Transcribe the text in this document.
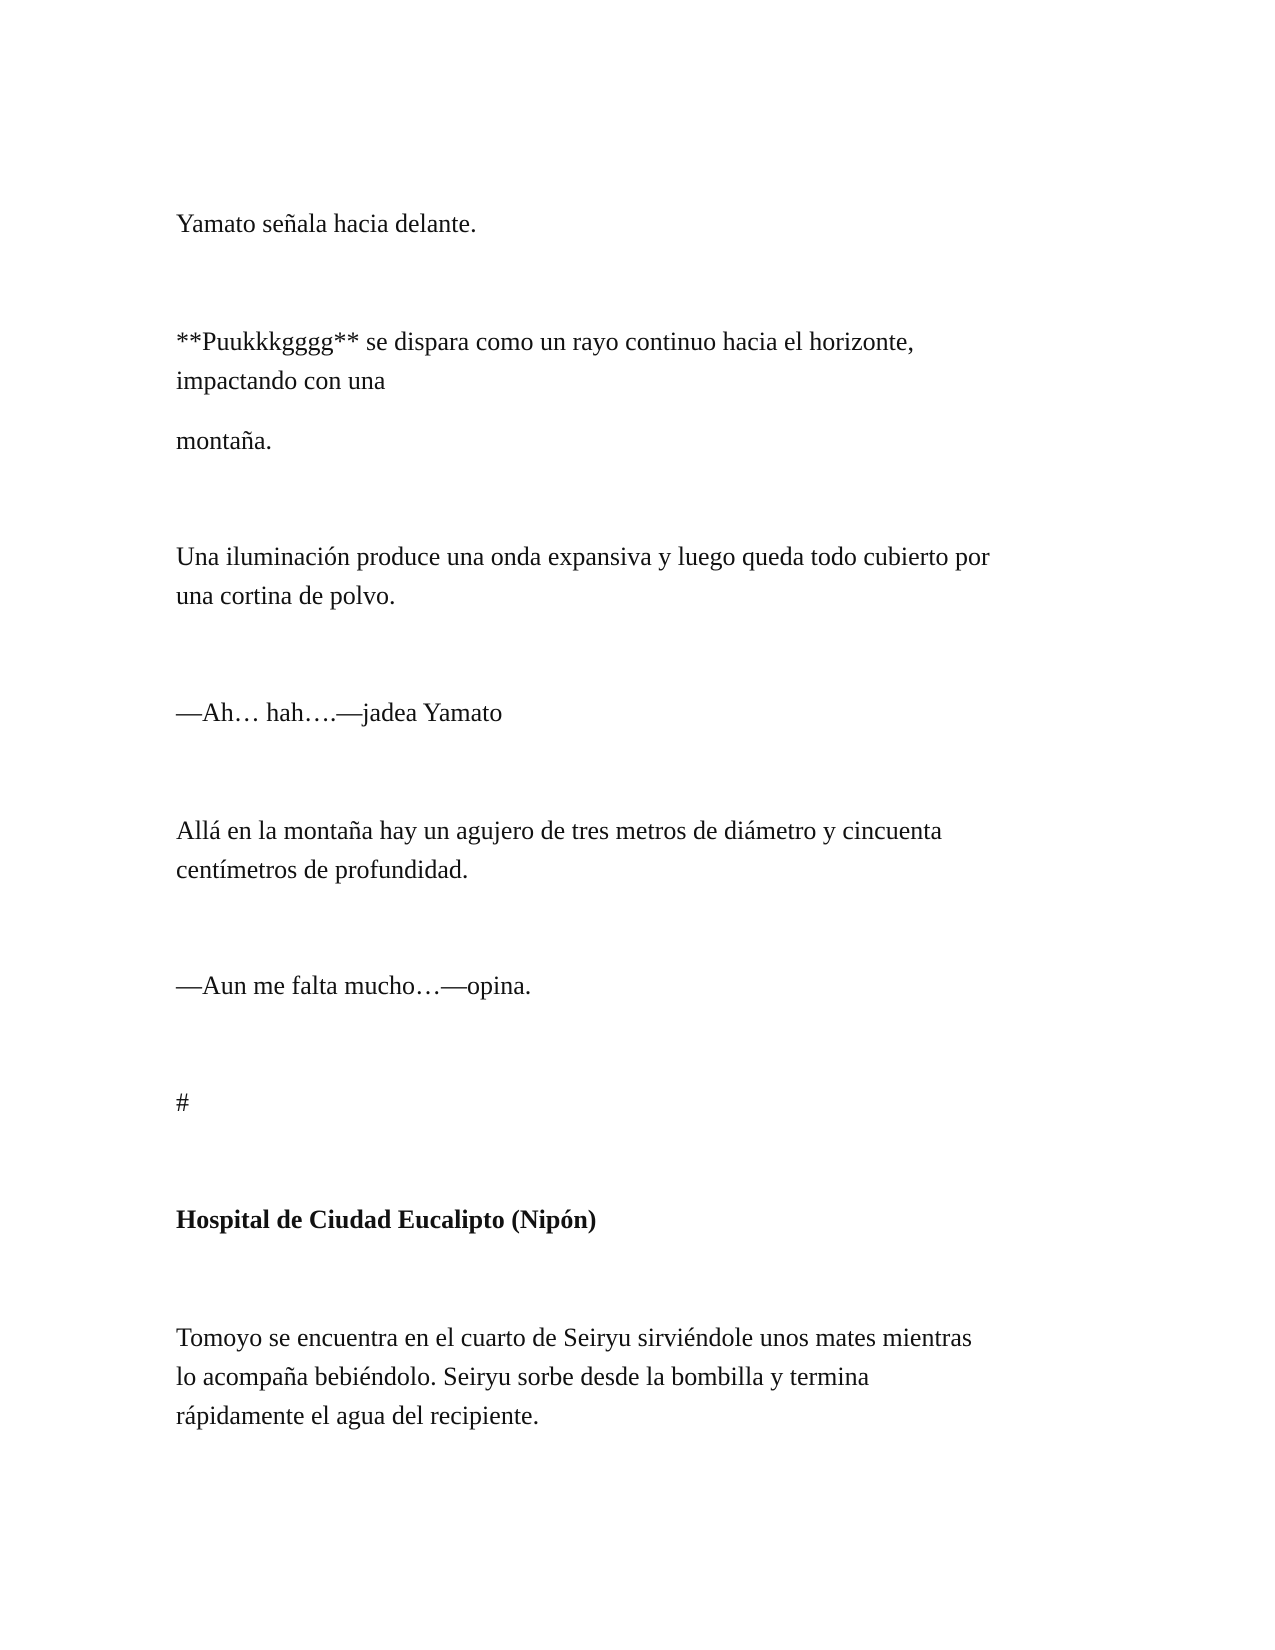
Yamato señala hacia delante.

**Puukkkgggg** se dispara como un rayo continuo hacia el horizonte,

impactando con una

montaña.

Una iluminación produce una onda expansiva y luego queda todo cubierto por

una cortina de polvo.

—Ah… hah….—jadea Yamato

Allá en la montaña hay un agujero de tres metros de diámetro y cincuenta

centímetros de profundidad.

—Aun me falta mucho…—opina.

#

Hospital de Ciudad Eucalipto (Nipón)

Tomoyo se encuentra en el cuarto de Seiryu sirviéndole unos mates mientras

lo acompaña bebiéndolo. Seiryu sorbe desde la bombilla y termina

rápidamente el agua del recipiente.
